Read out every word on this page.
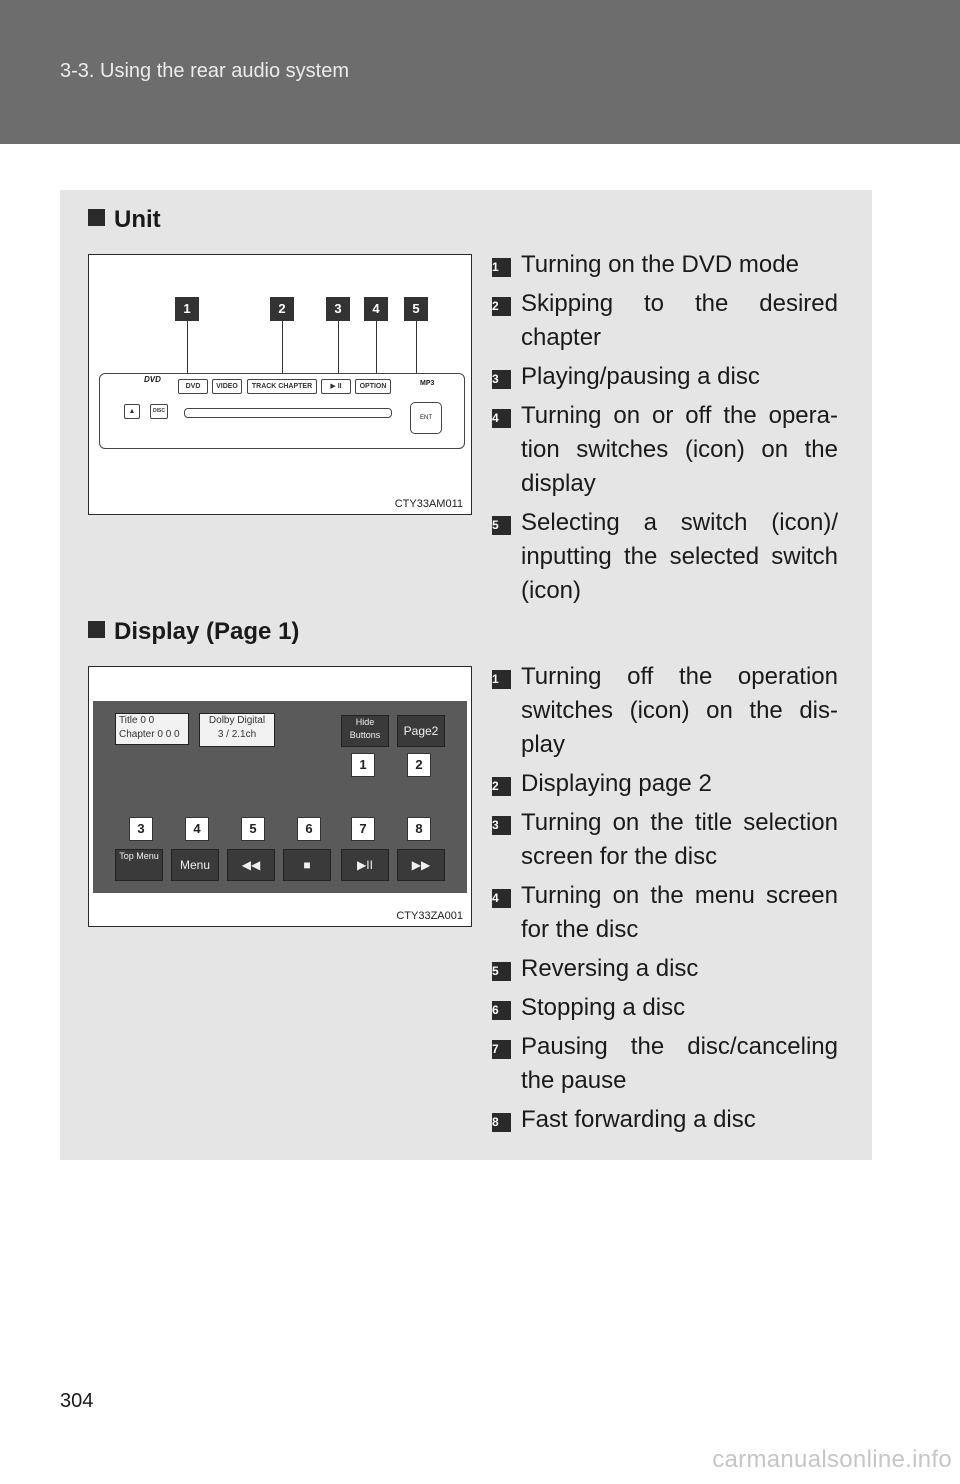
3-3. Using the rear audio system
Unit
1	2	3	4	5
DVD
DVD	VIDEO	TRACK CHAPTER	▶ II	OPTION	MP3
▲	DISC
ENT
CTY33AM011
1 Turning on the DVD mode
2 Skipping to the desired chapter
3 Playing/pausing a disc
4 Turning on or off the opera-tion switches (icon) on the display
5 Selecting a switch (icon)/ inputting the selected switch (icon)
Display (Page 1)
Title 0 0
Chapter 0 0 0
Dolby Digital
3 / 2.1ch
Hide Buttons	Page2
Top Menu
Menu	◀◀	■	▶II	▶▶
1	2
3	4	5	6	7	8
CTY33ZA001
1 Turning off the operation switches (icon) on the dis-play
2 Displaying page 2
3 Turning on the title selection screen for the disc
4 Turning on the menu screen for the disc
5 Reversing a disc
6 Stopping a disc
7 Pausing the disc/canceling the pause
8 Fast forwarding a disc
304
carmanualsonline.info
